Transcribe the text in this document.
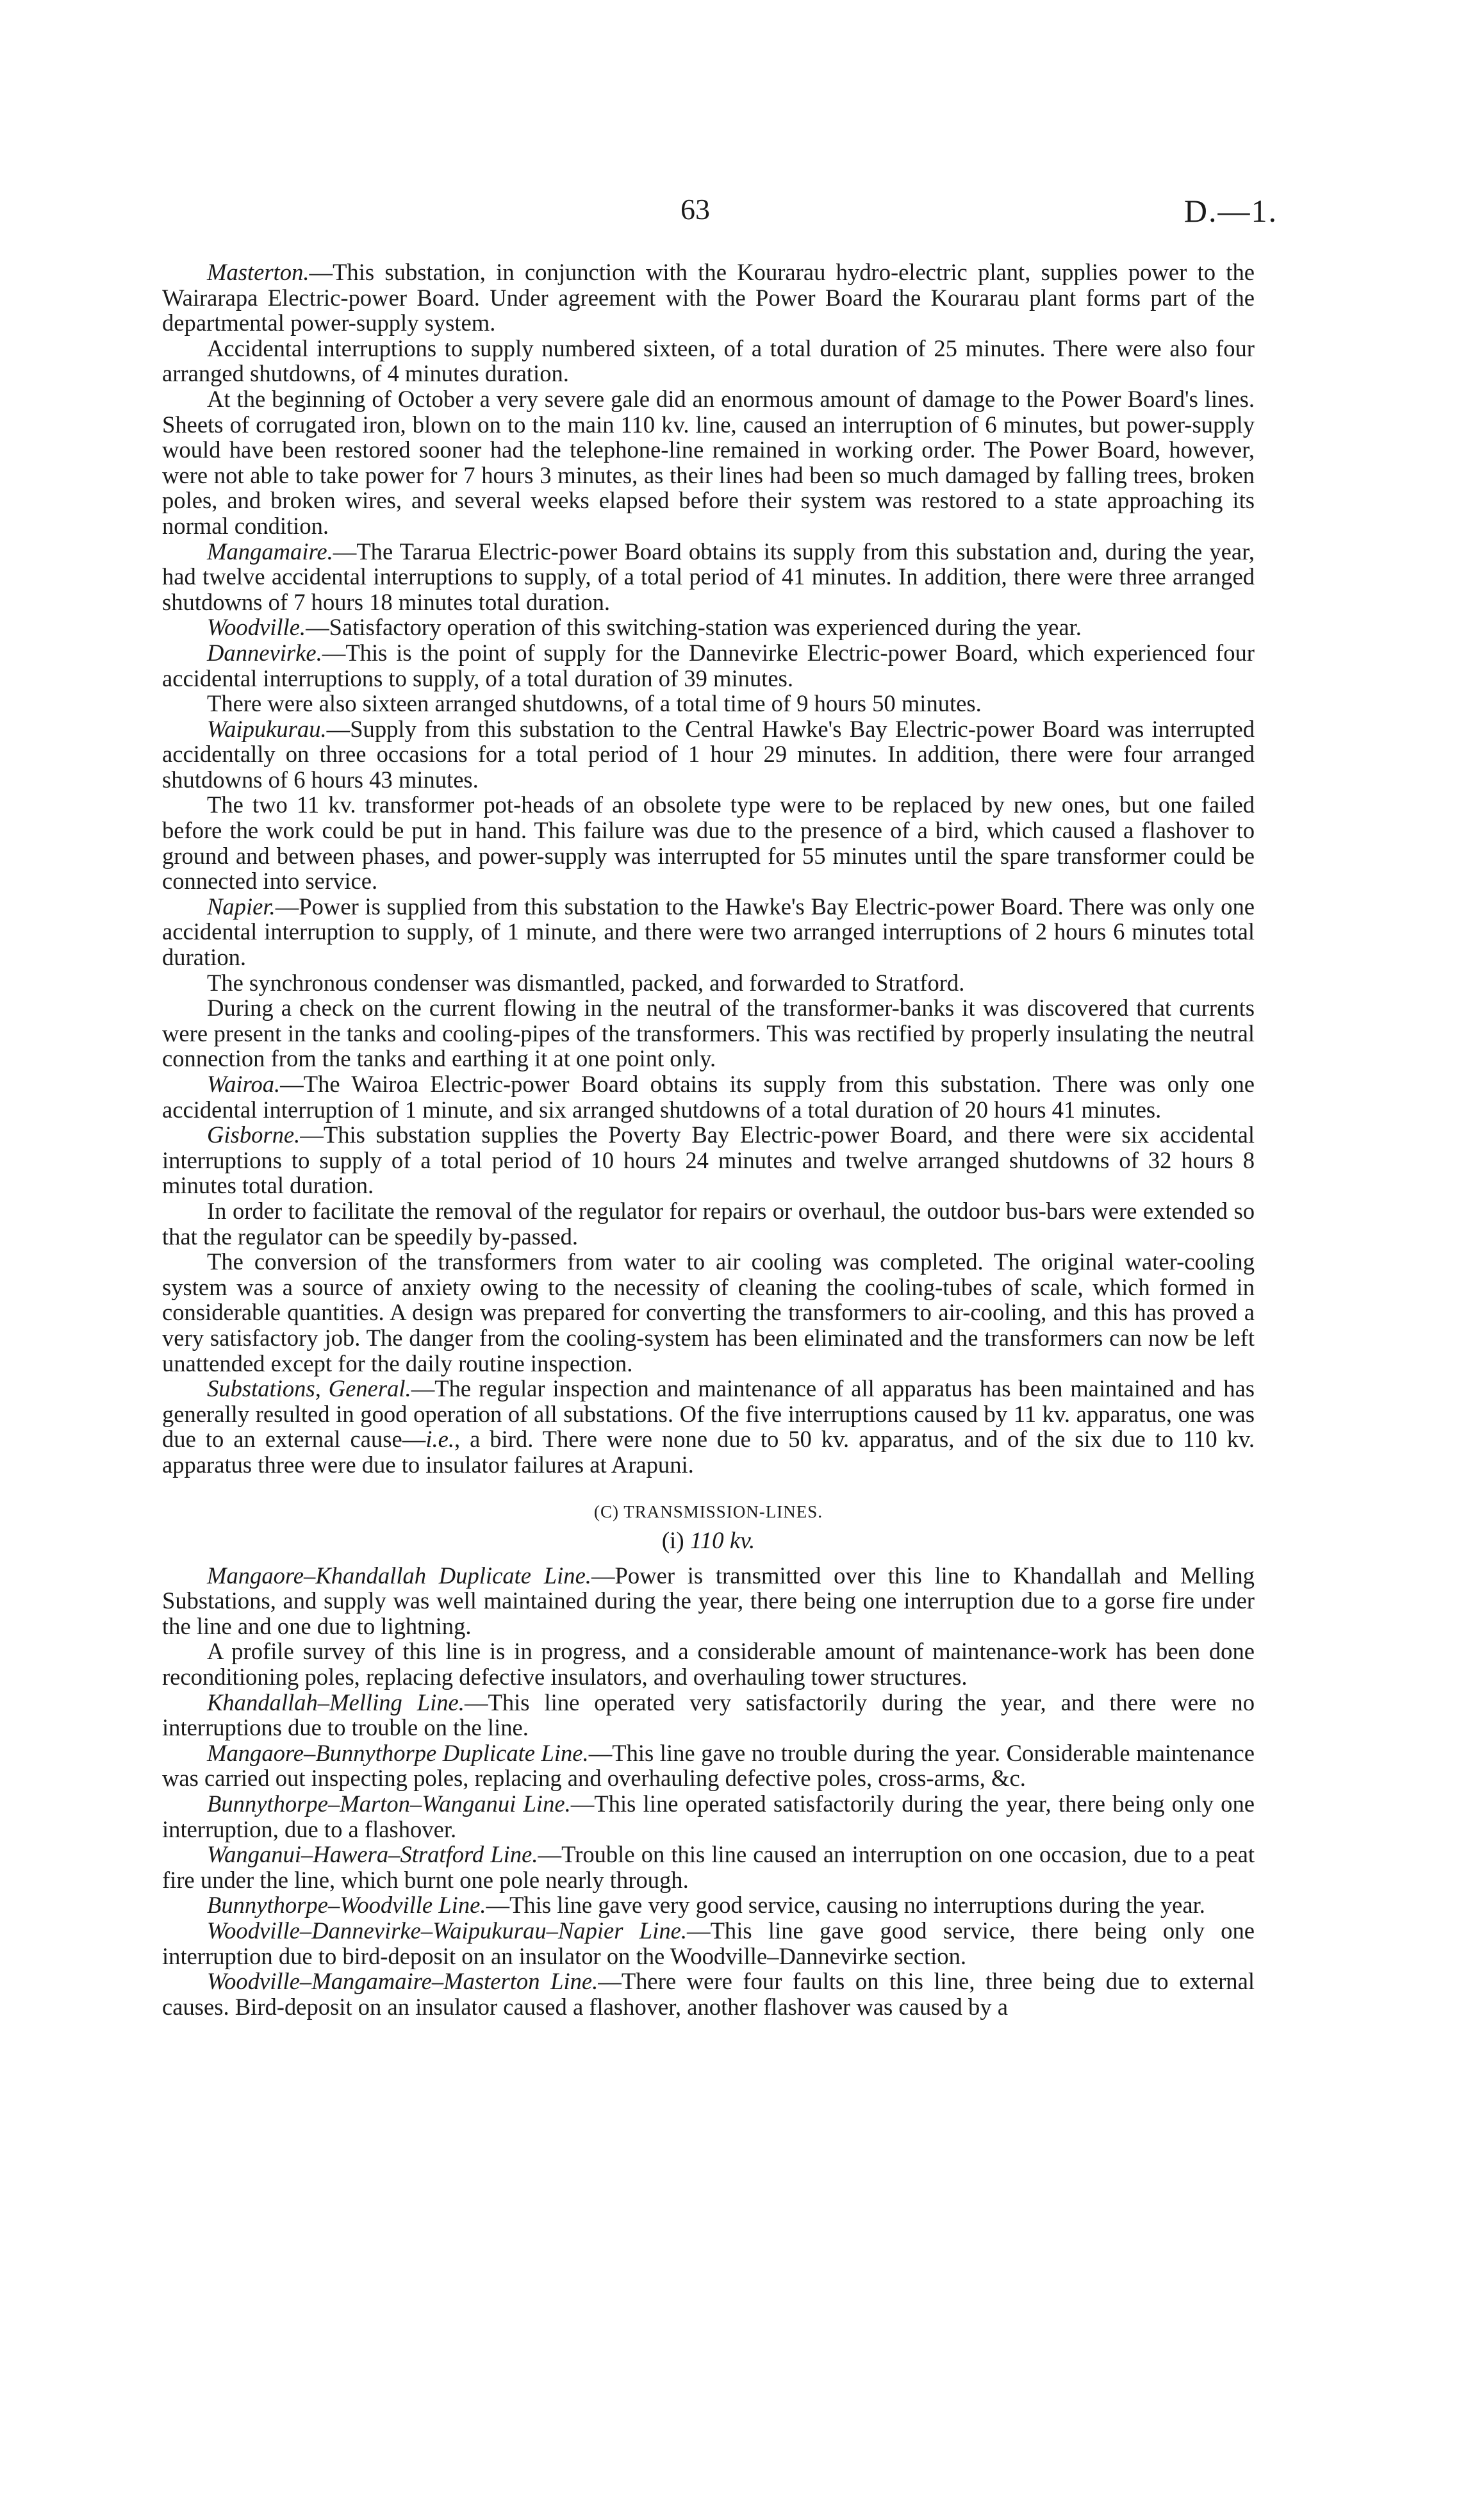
63	D.—1.

Masterton.—This substation, in conjunction with the Kourarau hydro-electric plant, supplies power to the Wairarapa Electric-power Board. Under agreement with the Power Board the Kourarau plant forms part of the departmental power-supply system.

Accidental interruptions to supply numbered sixteen, of a total duration of 25 minutes. There were also four arranged shutdowns, of 4 minutes duration.

At the beginning of October a very severe gale did an enormous amount of damage to the Power Board's lines. Sheets of corrugated iron, blown on to the main 110 kv. line, caused an interruption of 6 minutes, but power-supply would have been restored sooner had the telephone-line remained in working order. The Power Board, however, were not able to take power for 7 hours 3 minutes, as their lines had been so much damaged by falling trees, broken poles, and broken wires, and several weeks elapsed before their system was restored to a state approaching its normal condition.

Mangamaire.—The Tararua Electric-power Board obtains its supply from this substation and, during the year, had twelve accidental interruptions to supply, of a total period of 41 minutes. In addition, there were three arranged shutdowns of 7 hours 18 minutes total duration.

Woodville.—Satisfactory operation of this switching-station was experienced during the year.

Dannevirke.—This is the point of supply for the Dannevirke Electric-power Board, which experienced four accidental interruptions to supply, of a total duration of 39 minutes.

There were also sixteen arranged shutdowns, of a total time of 9 hours 50 minutes.

Waipukurau.—Supply from this substation to the Central Hawke's Bay Electric-power Board was interrupted accidentally on three occasions for a total period of 1 hour 29 minutes. In addition, there were four arranged shutdowns of 6 hours 43 minutes.

The two 11 kv. transformer pot-heads of an obsolete type were to be replaced by new ones, but one failed before the work could be put in hand. This failure was due to the presence of a bird, which caused a flashover to ground and between phases, and power-supply was interrupted for 55 minutes until the spare transformer could be connected into service.

Napier.—Power is supplied from this substation to the Hawke's Bay Electric-power Board. There was only one accidental interruption to supply, of 1 minute, and there were two arranged interruptions of 2 hours 6 minutes total duration.

The synchronous condenser was dismantled, packed, and forwarded to Stratford.

During a check on the current flowing in the neutral of the transformer-banks it was discovered that currents were present in the tanks and cooling-pipes of the transformers. This was rectified by properly insulating the neutral connection from the tanks and earthing it at one point only.

Wairoa.—The Wairoa Electric-power Board obtains its supply from this substation. There was only one accidental interruption of 1 minute, and six arranged shutdowns of a total duration of 20 hours 41 minutes.

Gisborne.—This substation supplies the Poverty Bay Electric-power Board, and there were six accidental interruptions to supply of a total period of 10 hours 24 minutes and twelve arranged shutdowns of 32 hours 8 minutes total duration.

In order to facilitate the removal of the regulator for repairs or overhaul, the outdoor bus-bars were extended so that the regulator can be speedily by-passed.

The conversion of the transformers from water to air cooling was completed. The original water-cooling system was a source of anxiety owing to the necessity of cleaning the cooling-tubes of scale, which formed in considerable quantities. A design was prepared for converting the transformers to air-cooling, and this has proved a very satisfactory job. The danger from the cooling-system has been eliminated and the transformers can now be left unattended except for the daily routine inspection.

Substations, General.—The regular inspection and maintenance of all apparatus has been maintained and has generally resulted in good operation of all substations. Of the five interruptions caused by 11 kv. apparatus, one was due to an external cause—i.e., a bird. There were none due to 50 kv. apparatus, and of the six due to 110 kv. apparatus three were due to insulator failures at Arapuni.

(C) TRANSMISSION-LINES.
(i) 110 kv.

Mangaore–Khandallah Duplicate Line.—Power is transmitted over this line to Khandallah and Melling Substations, and supply was well maintained during the year, there being one interruption due to a gorse fire under the line and one due to lightning.

A profile survey of this line is in progress, and a considerable amount of maintenance-work has been done reconditioning poles, replacing defective insulators, and overhauling tower structures.

Khandallah–Melling Line.—This line operated very satisfactorily during the year, and there were no interruptions due to trouble on the line.

Mangaore–Bunnythorpe Duplicate Line.—This line gave no trouble during the year. Considerable maintenance was carried out inspecting poles, replacing and overhauling defective poles, cross-arms, &c.

Bunnythorpe–Marton–Wanganui Line.—This line operated satisfactorily during the year, there being only one interruption, due to a flashover.

Wanganui–Hawera–Stratford Line.—Trouble on this line caused an interruption on one occasion, due to a peat fire under the line, which burnt one pole nearly through.

Bunnythorpe–Woodville Line.—This line gave very good service, causing no interruptions during the year.

Woodville–Dannevirke–Waipukurau–Napier Line.—This line gave good service, there being only one interruption due to bird-deposit on an insulator on the Woodville–Dannevirke section.

Woodville–Mangamaire–Masterton Line.—There were four faults on this line, three being due to external causes. Bird-deposit on an insulator caused a flashover, another flashover was caused by a
